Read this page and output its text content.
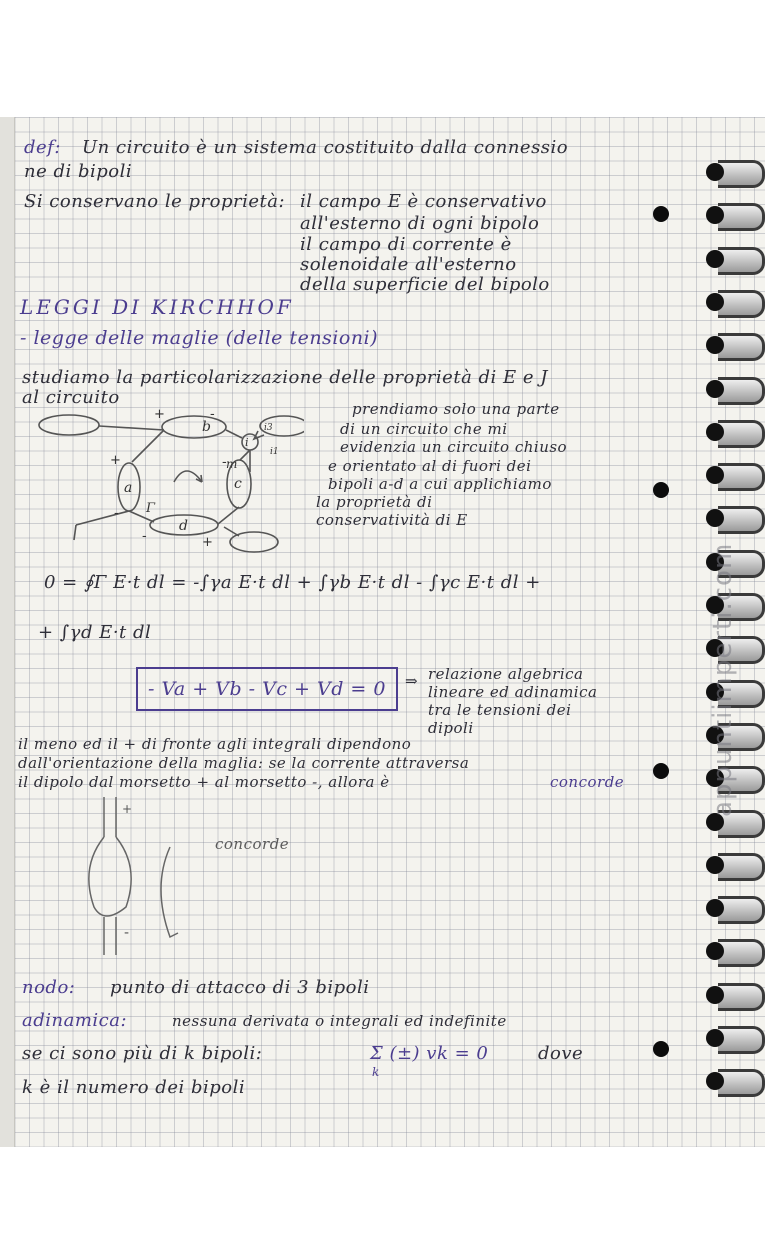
def: Un circuito è un sistema costituito dalla connessio
ne di bipoli
Si conservano le proprietà: il campo E è conservativo
all'esterno di ogni bipolo
il campo di corrente è
solenoidale all'esterno
della superficie del bipolo
LEGGI DI KIRCHHOF
- legge delle maglie (delle tensioni)
studiamo la particolarizzazione delle proprietà di E e J
al circuito
b
a	c
d
+	-
+
-
-
-	+
Γ
m
i
i3
i1
prendiamo solo una parte
di un circuito che mi
evidenzia un circuito chiuso
e orientato al di fuori dei
bipoli a-d a cui applichiamo
la proprietà di
conservatività di E
0 = ∮Γ E·t dl = -∫γa E·t dl + ∫γb E·t dl - ∫γc E·t dl +
+ ∫γd E·t dl
- Va + Vb - Vc + Vd = 0 ⇒ relazione algebrica
lineare ed adinamica
tra le tensioni dei
dipoli
il meno ed il + di fronte agli integrali dipendono
dall'orientazione della maglia: se la corrente attraversa
il dipolo dal morsetto + al morsetto -, allora è	concorde
+
-
concorde
nodo: punto di attacco di 3 bipoli
adinamica:	nessuna derivata o integrali ed indefinite
se ci sono più di k bipoli:	Σ (±) vk = 0
k
dove
k è il numero dei bipoli
appuntiimperti.com
